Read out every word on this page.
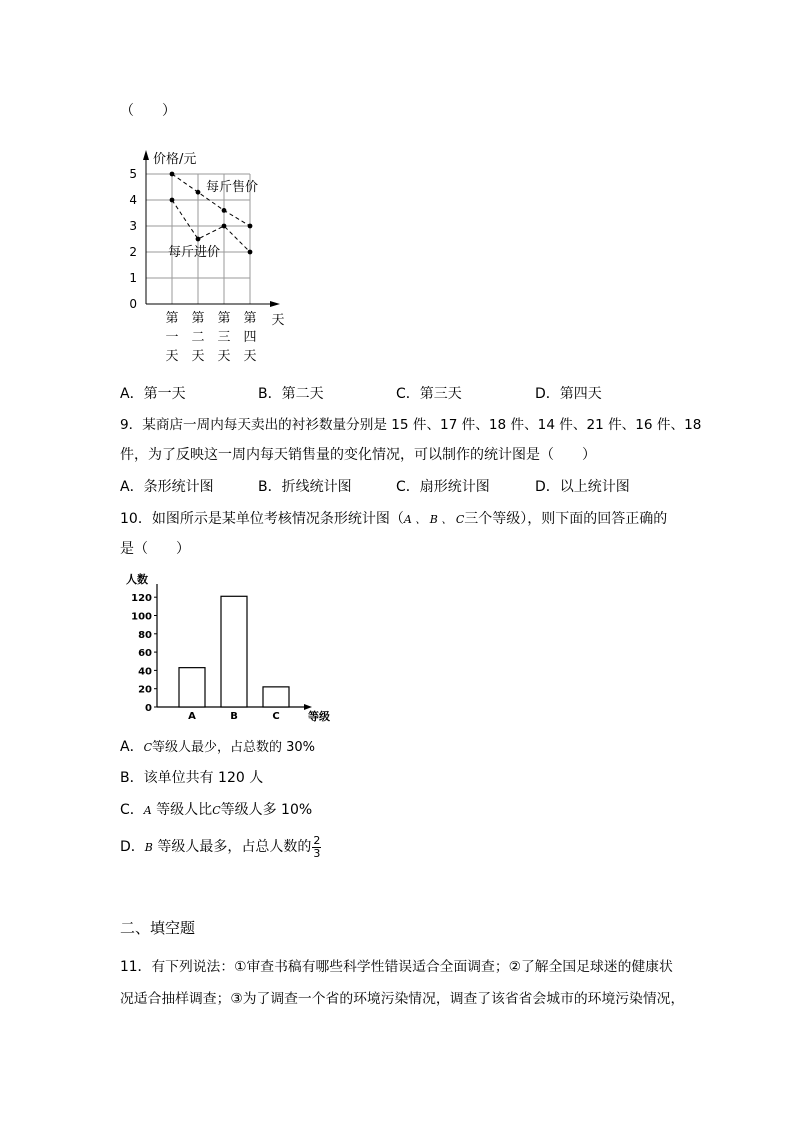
（　　）
0
1
2
3
4
5
价格/元
天
第
一
天
第
二
天
第
三
天
第
四
天
每斤售价
每斤进价
A．第一天	B．第二天	C．第三天	D．第四天
9．某商店一周内每天卖出的衬衫数量分别是 15 件、17 件、18 件、14 件、21 件、16 件、18
件，为了反映这一周内每天销售量的变化情况，可以制作的统计图是（　　）
A．条形统计图	B．折线统计图	C．扇形统计图	D．以上统计图
10．如图所示是某单位考核情况条形统计图（A 、 B 、 C三个等级），则下面的回答正确的
是（　　）
0
20
40
60
80
100
120
人数
等级
A	B	C
A．C等级人最少，占总数的 30%
B．该单位共有 120 人
C．A 等级人比C等级人多 10%
D．B 等级人最多，占总人数的 $\frac{2}{3}$
二、填空题
11．有下列说法：①审查书稿有哪些科学性错误适合全面调查；②了解全国足球迷的健康状
况适合抽样调查；③为了调查一个省的环境污染情况，调查了该省省会城市的环境污染情况，
